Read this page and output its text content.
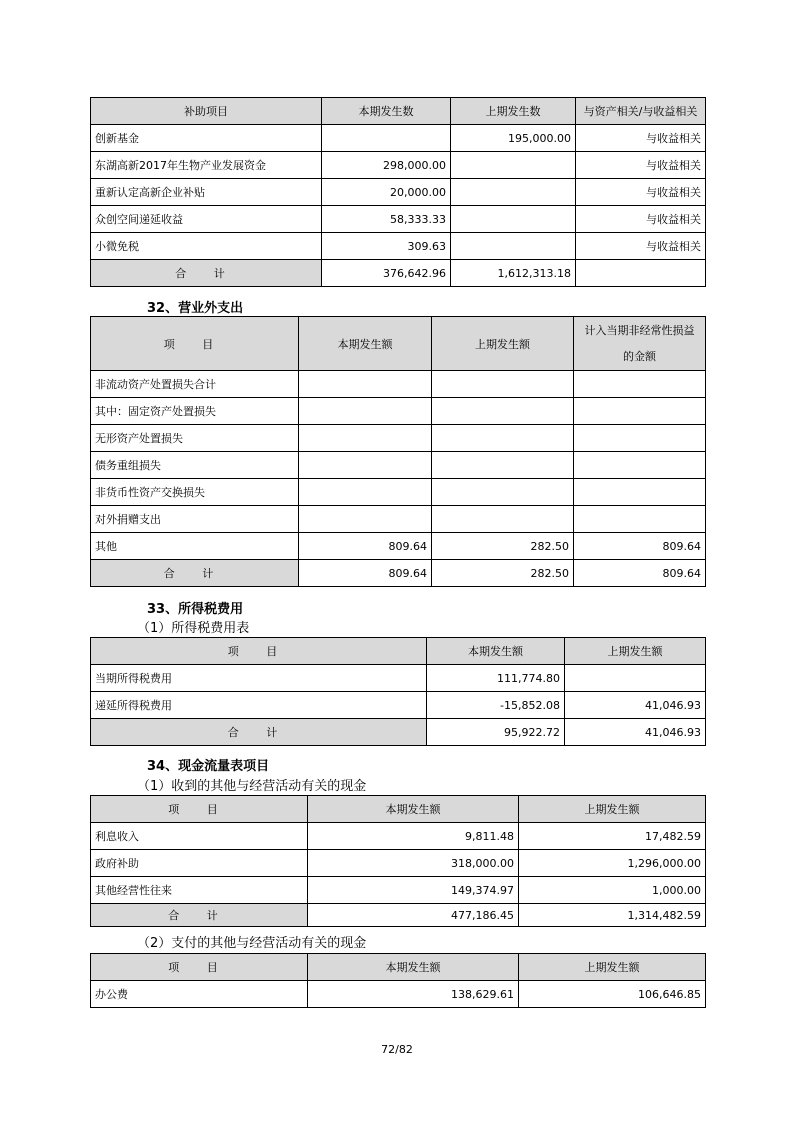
补助项目	本期发生数	上期发生数	与资产相关/与收益相关
创新基金		195,000.00	与收益相关
东湖高新2017年生物产业发展资金	298,000.00		与收益相关
重新认定高新企业补贴	20,000.00		与收益相关
众创空间递延收益	58,333.33		与收益相关
小微免税	309.63		与收益相关
合 计	376,642.96	1,612,313.18	
32、营业外支出
项 目	本期发生额	上期发生额	计入当期非经常性损益
的金额

非流动资产处置损失合计			
其中：固定资产处置损失			
无形资产处置损失			
债务重组损失			
非货币性资产交换损失			
对外捐赠支出			
其他	809.64	282.50	809.64
合 计	809.64	282.50	809.64
33、所得税费用
（1）所得税费用表
项 目	本期发生额	上期发生额
当期所得税费用	111,774.80	
递延所得税费用	-15,852.08	41,046.93
合 计	95,922.72	41,046.93
34、现金流量表项目
（1）收到的其他与经营活动有关的现金
项 目	本期发生额	上期发生额
利息收入	9,811.48	17,482.59
政府补助	318,000.00	1,296,000.00
其他经营性往来	149,374.97	1,000.00
合 计	477,186.45	1,314,482.59
（2）支付的其他与经营活动有关的现金
项 目	本期发生额	上期发生额
办公费	138,629.61	106,646.85
72/82
